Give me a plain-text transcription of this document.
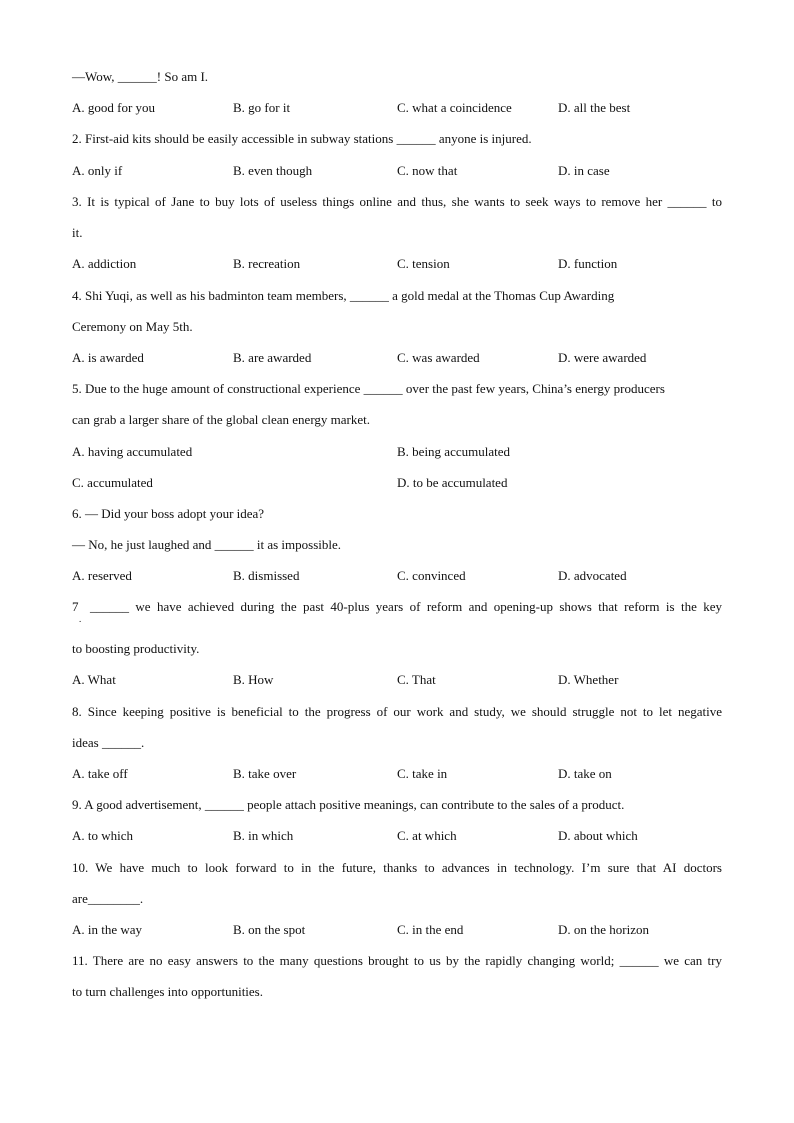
—Wow, ______! So am I.
A. good for you	B. go for it	C. what a coincidence	D. all the best
2. First-aid kits should be easily accessible in subway stations ______ anyone is injured.
A. only if	B. even though	C. now that	D. in case
3. It is typical of Jane to buy lots of useless things online and thus, she wants to seek ways to remove her ______ to
it.
A. addiction	B. recreation	C. tension	D. function
4. Shi Yuqi, as well as his badminton team members, ______ a gold medal at the Thomas Cup Awarding
Ceremony on May 5th.
A. is awarded	B. are awarded	C. was awarded	D. were awarded
5. Due to the huge amount of constructional experience ______ over the past few years, China’s energy producers
can grab a larger share of the global clean energy market.
A. having accumulated	B. being accumulated
C. accumulated	D. to be accumulated
6. — Did your boss adopt your idea?
— No, he just laughed and ______ it as impossible.
A. reserved	B. dismissed	C. convinced	D. advocated
7
.
______ we have achieved during the past 40-plus years of reform and opening-up shows that reform is the key
to boosting productivity.
A. What	B. How	C. That	D. Whether
8. Since keeping positive is beneficial to the progress of our work and study, we should struggle not to let negative
ideas ______.
A. take off	B. take over	C. take in	D. take on
9. A good advertisement, ______ people attach positive meanings, can contribute to the sales of a product.
A. to which	B. in which	C. at which	D. about which
10. We have much to look forward to in the future, thanks to advances in technology. I’m sure that AI doctors
are________.
A. in the way	B. on the spot	C. in the end	D. on the horizon
11. There are no easy answers to the many questions brought to us by the rapidly changing world; ______ we can try
to turn challenges into opportunities.
